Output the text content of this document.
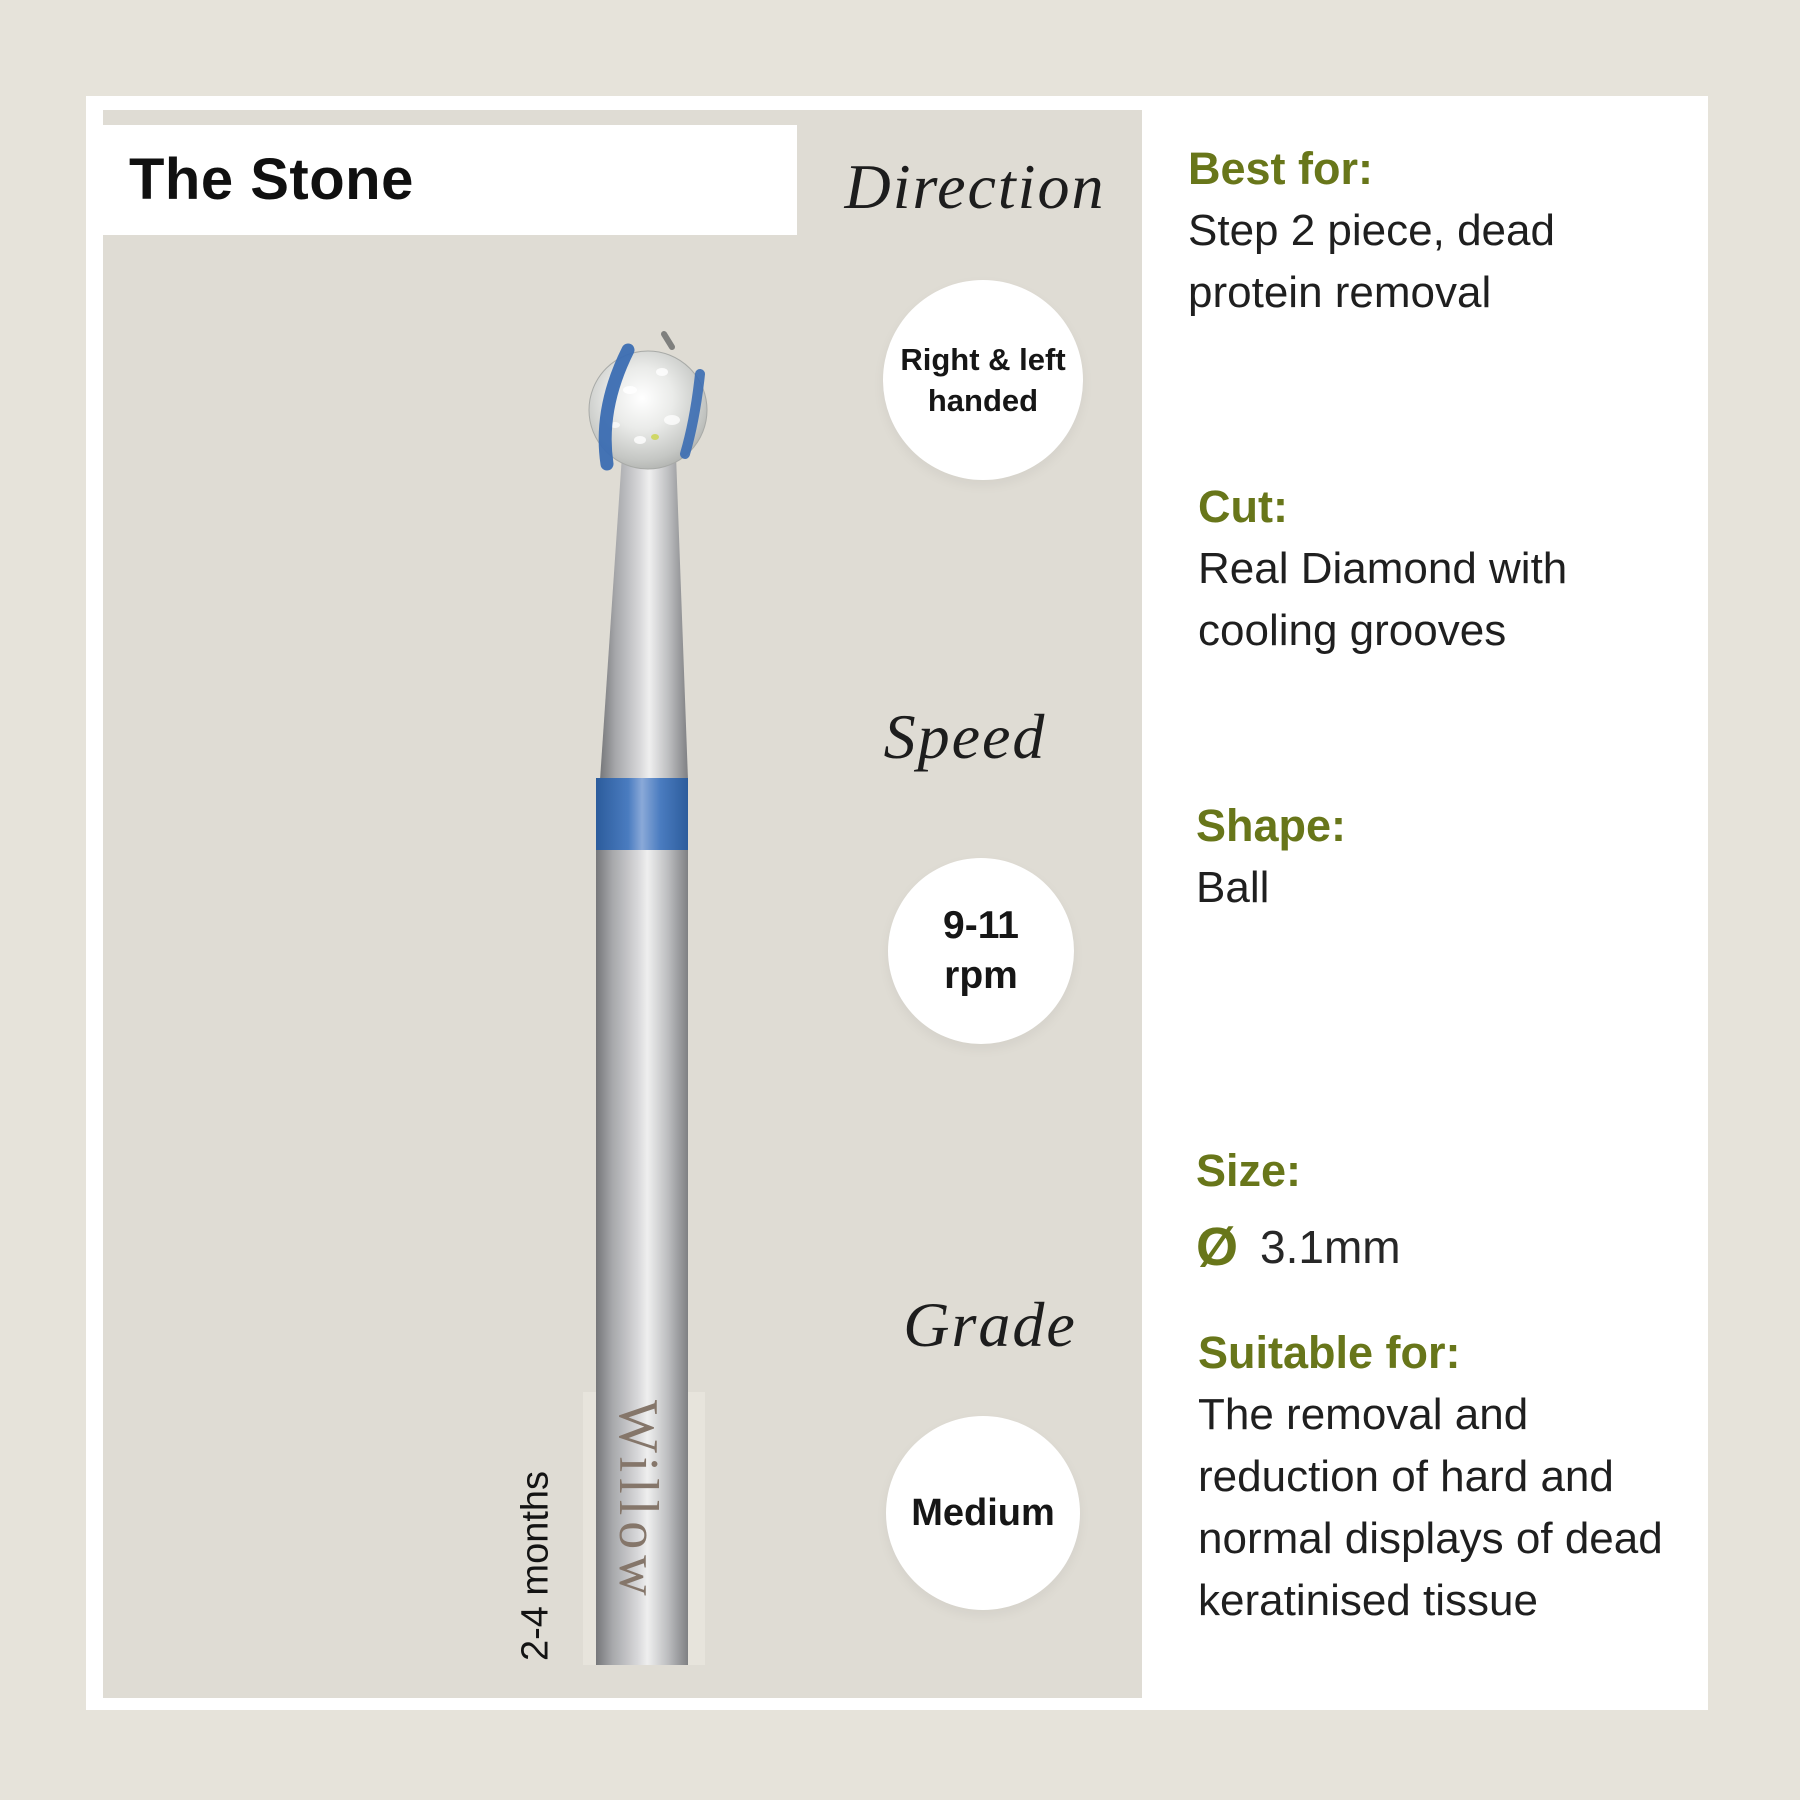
Willow
2-4 months
The Stone	Direction
Right & left
handed
Speed
9-11
rpm
Grade
Medium
Best for:
Step 2 piece, dead
protein removal
Cut:
Real Diamond with
cooling grooves
Shape:
Ball
Size:
Ø 3.1mm
Suitable for:
The removal and
reduction of hard and
normal displays of dead
keratinised tissue
